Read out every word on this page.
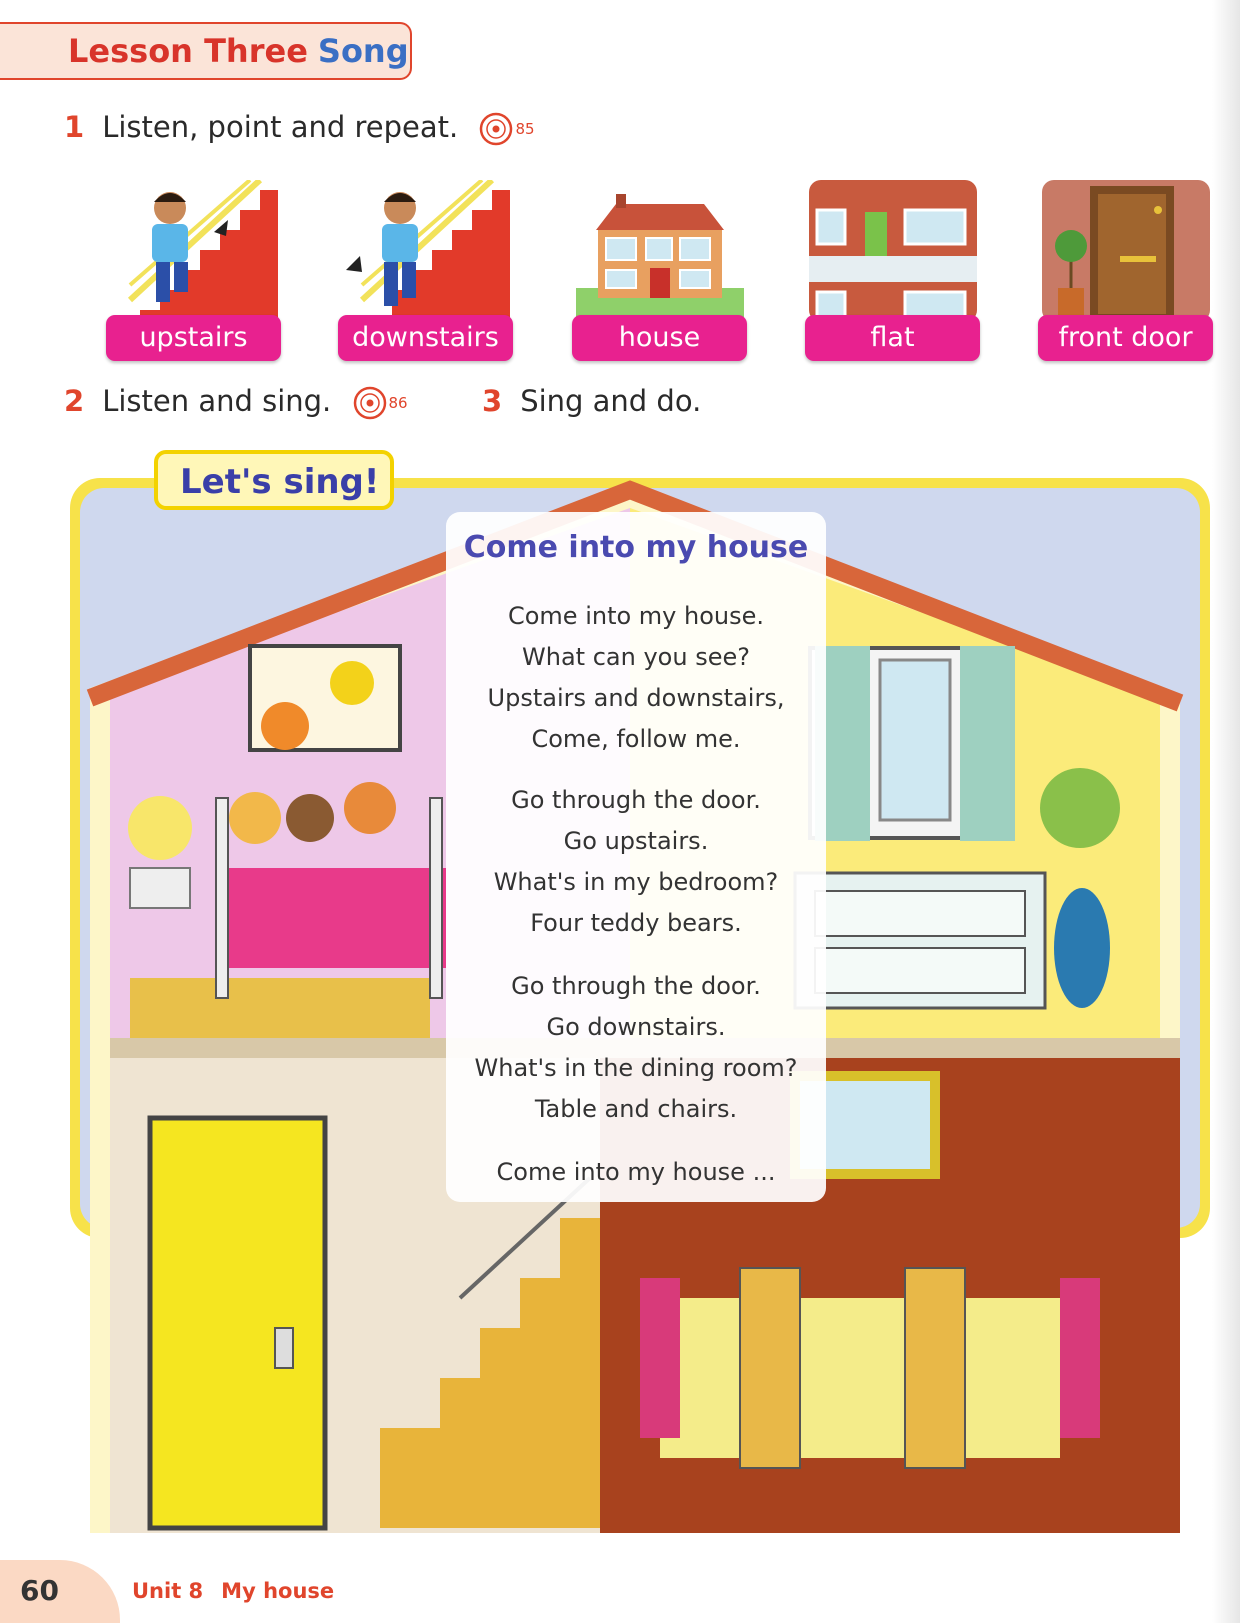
Lesson Three Song
1 Listen, point and repeat.	85
upstairs	downstairs	house	flat	front door
2 Listen and sing.	86	3 Sing and do.
Let's sing!
Come into my house
Come into my house.
What can you see?
Upstairs and downstairs,
Come, follow me.
Go through the door.
Go upstairs.
What's in my bedroom?
Four teddy bears.
Go through the door.
Go downstairs.
What's in the dining room?
Table and chairs.
Come into my house ...
60	Unit 8 My house
